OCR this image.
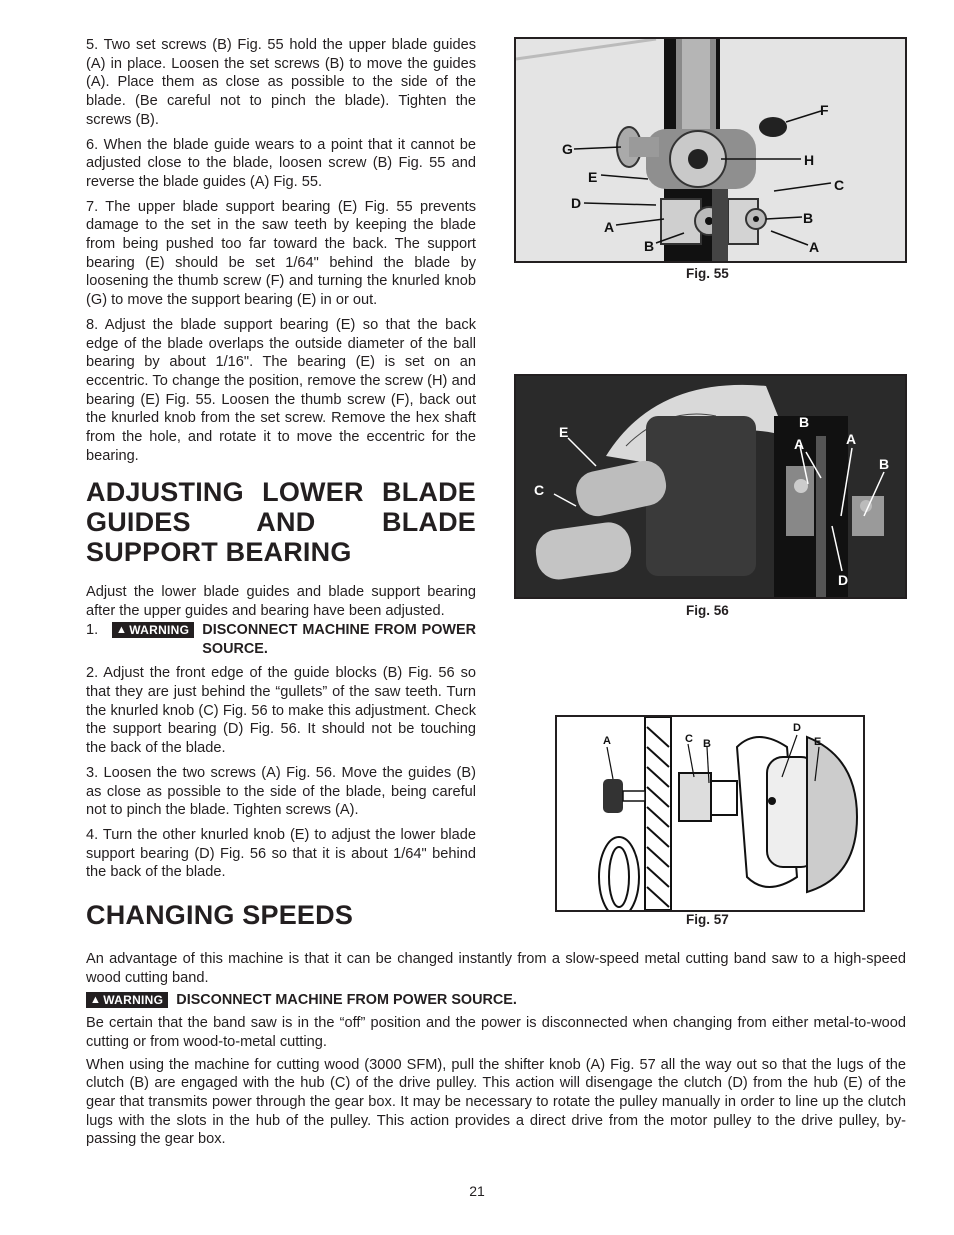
5. Two set screws (B) Fig. 55 hold the upper blade guides (A) in place. Loosen the set screws (B) to move the guides (A). Place them as close as possible to the side of the blade. (Be careful not to pinch the blade). Tighten the screws (B).

6. When the blade guide wears to a point that it cannot be adjusted close to the blade, loosen screw (B) Fig. 55 and reverse the blade guides (A) Fig. 55.

7. The upper blade support bearing (E) Fig. 55 prevents damage to the set in the saw teeth by keeping the blade from being pushed too far toward the back. The support bearing (E) should be set 1/64" behind the blade by loosening the thumb screw (F) and turning the knurled knob (G) to move the support bearing (E) in or out.

8. Adjust the blade support bearing (E) so that the back edge of the blade overlaps the outside diameter of the ball bearing by about 1/16". The bearing (E) is set on an eccentric. To change the position, remove the screw (H) and bearing (E) Fig. 55. Loosen the thumb screw (F), back out the knurled knob from the set screw. Remove the hex shaft from the hole, and rotate it to move the eccentric for the bearing.

ADJUSTING LOWER BLADE GUIDES AND BLADE SUPPORT BEARING

Adjust the lower blade guides and blade support bearing after the upper guides and bearing have been adjusted.

1.	▲ WARNING DISCONNECT MACHINE FROM POWER SOURCE.

2. Adjust the front edge of the guide blocks (B) Fig. 56 so that they are just behind the “gullets” of the saw teeth. Turn the knurled knob (C) Fig. 56 to make this adjustment. Check the support bearing (D) Fig. 56. It should not be touching the back of the blade.

3. Loosen the two screws (A) Fig. 56. Move the guides (B) as close as possible to the side of the blade, being careful not to pinch the blade. Tighten screws (A).

4. Turn the other knurled knob (E) to adjust the lower blade support bearing (D) Fig. 56 so that it is about 1/64" behind the back of the blade.

F
G
H
E	C
D
B
A
B	A
Fig. 55
B
E
A	A
B
C
D
Fig. 56
A	C B
D
E
Fig. 57
CHANGING SPEEDS

An advantage of this machine is that it can be changed instantly from a slow-speed metal cutting band saw to a high-speed wood cutting band.

▲ WARNING DISCONNECT MACHINE FROM POWER SOURCE.

Be certain that the band saw is in the “off” position and the power is disconnected when changing from either metal-to-wood cutting or from wood-to-metal cutting.

When using the machine for cutting wood (3000 SFM), pull the shifter knob (A) Fig. 57 all the way out so that the lugs of the clutch (B) are engaged with the hub (C) of the drive pulley. This action will disengage the clutch (D) from the hub (E) of the gear that transmits power through the gear box. It may be necessary to rotate the pulley manually in order to line up the clutch lugs with the slots in the hub of the pulley. This action provides a direct drive from the motor pulley to the drive pulley, by-passing the gear box.

21
